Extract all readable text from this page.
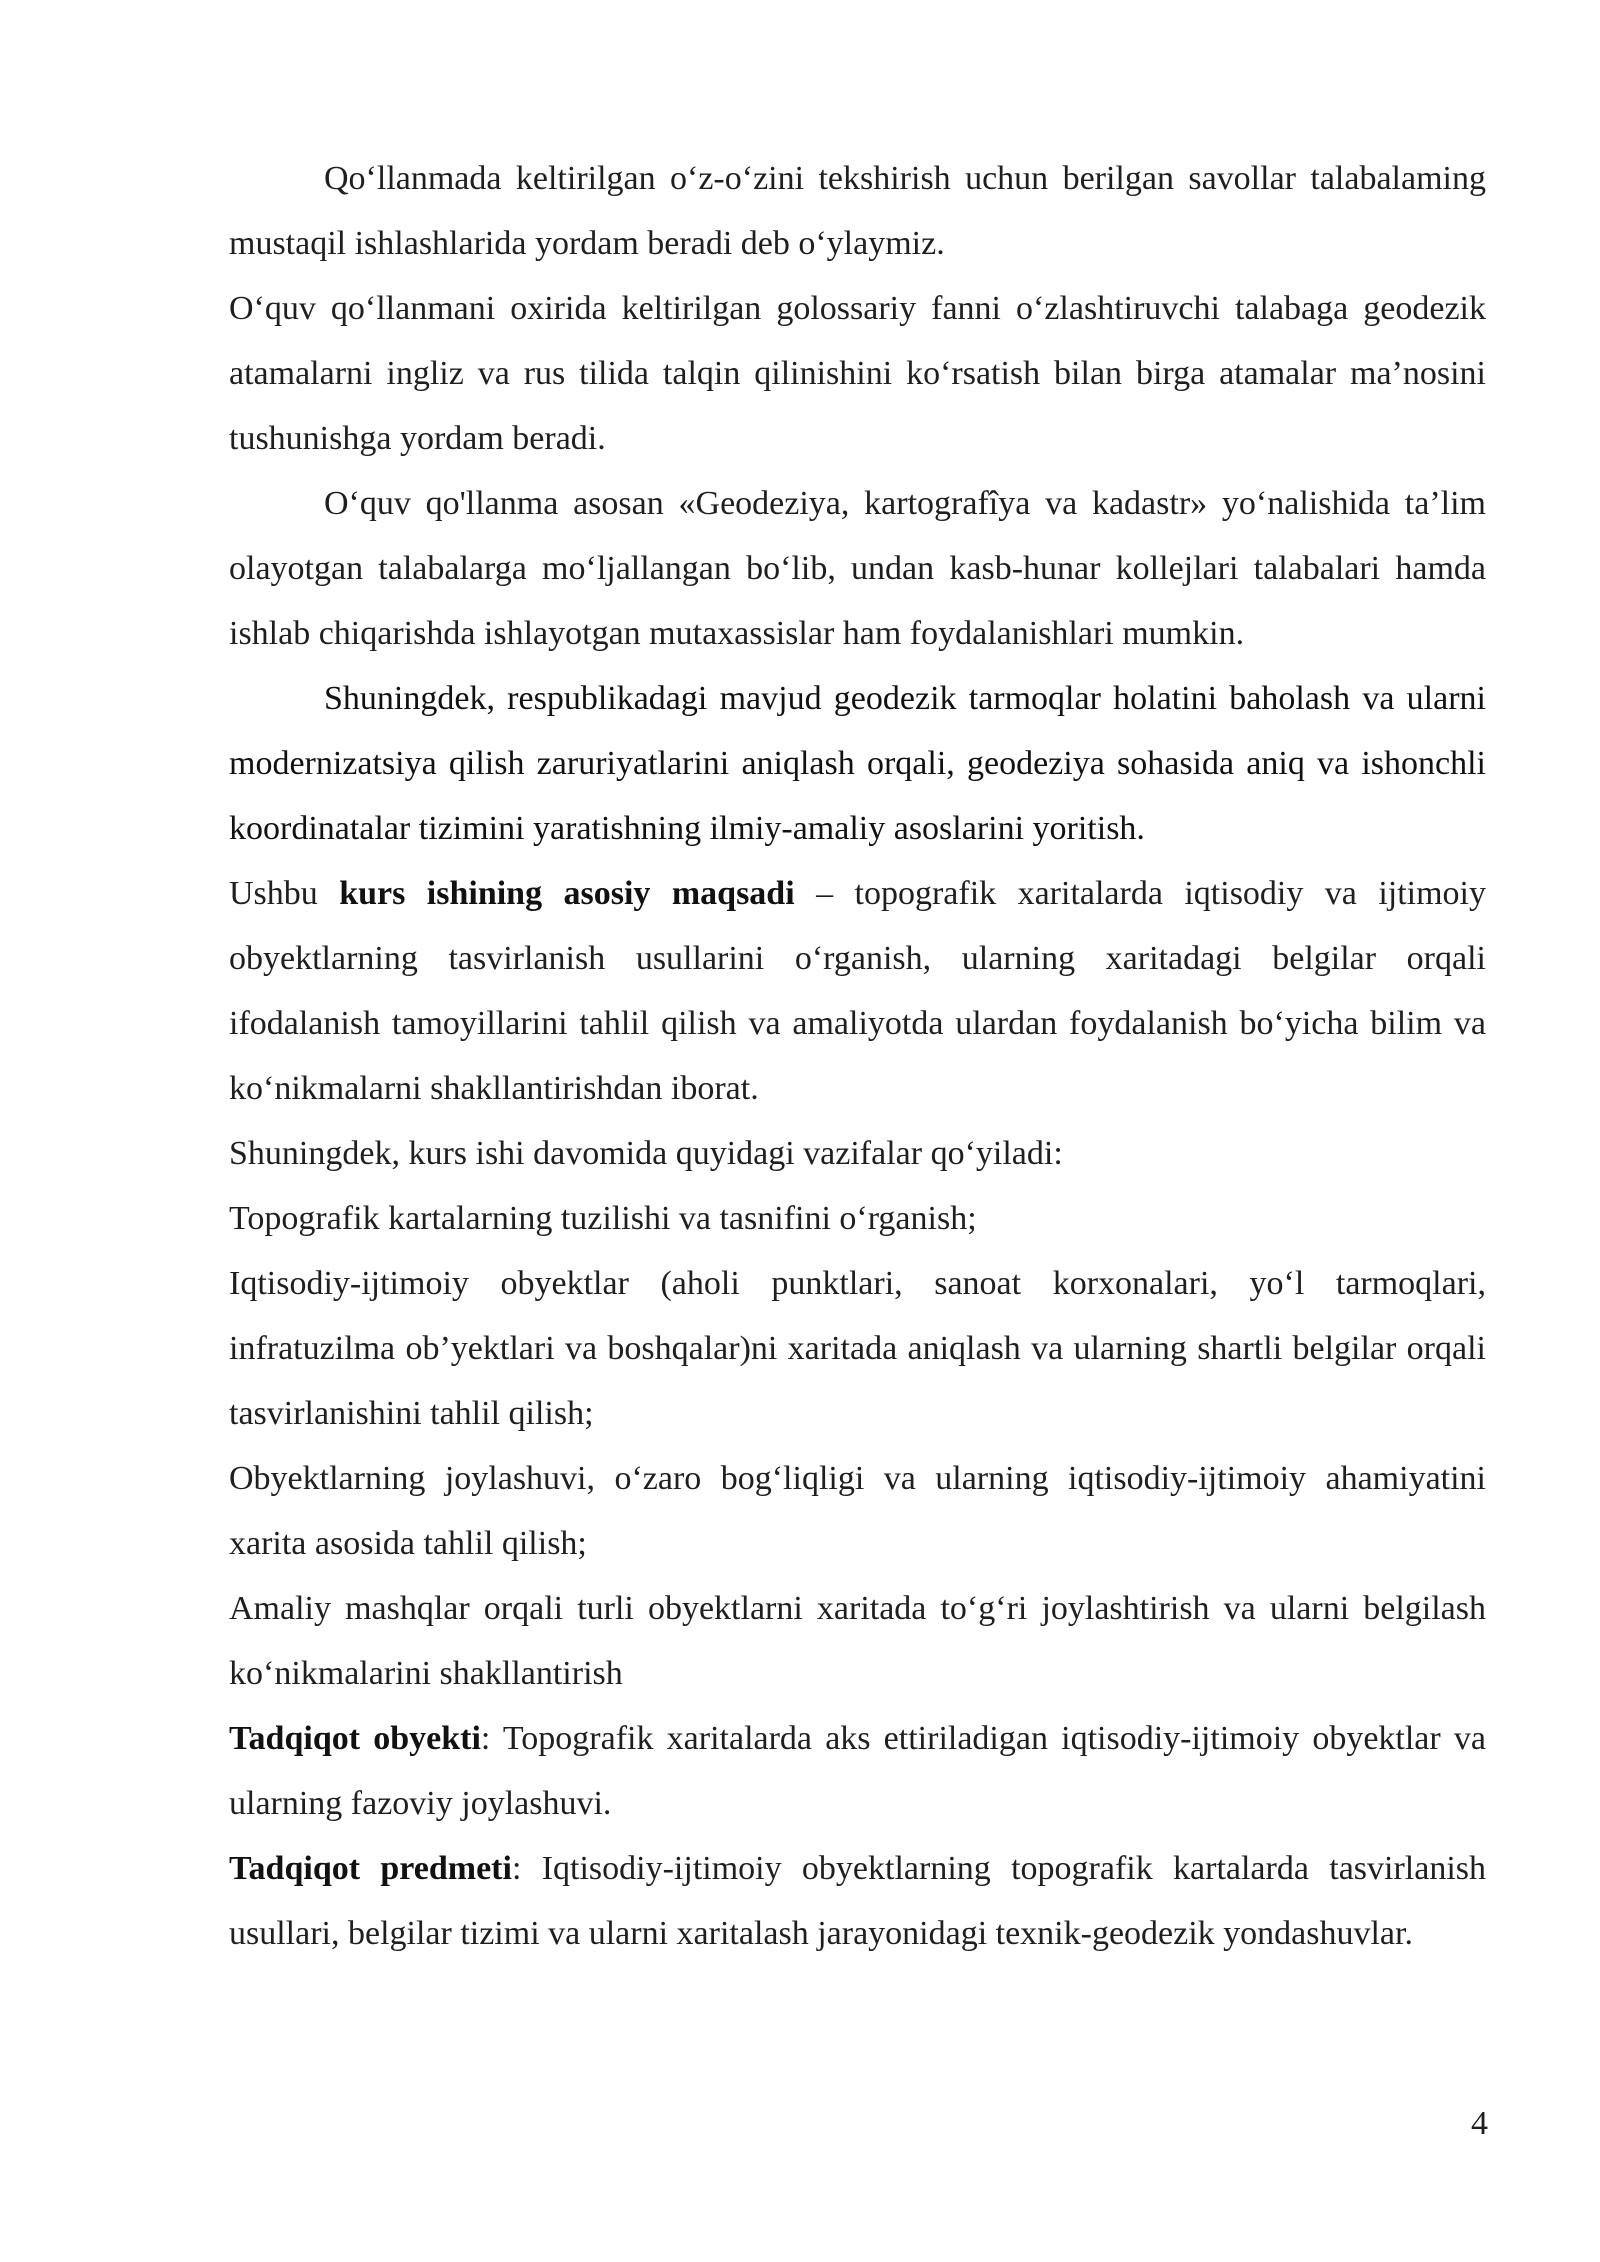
Qo‘llanmada keltirilgan o‘z-o‘zini tekshirish uchun berilgan savollar talabalaming mustaqil ishlashlarida yordam beradi deb o‘ylaymiz.

O‘quv qo‘llanmani oxirida keltirilgan golossariy fanni o‘zlashtiruvchi talabaga geodezik atamalarni ingliz va rus tilida talqin qilinishini ko‘rsatish bilan birga atamalar ma’nosini tushunishga yordam beradi.

O‘quv qo'llanma asosan «Geodeziya, kartografîya va kadastr» yo‘nalishida ta’lim olayotgan talabalarga mo‘ljallangan bo‘lib, undan kasb-hunar kollejlari talabalari hamda ishlab chiqarishda ishlayotgan mutaxassislar ham foydalanishlari mumkin.

Shuningdek, respublikadagi mavjud geodezik tarmoqlar holatini baholash va ularni modernizatsiya qilish zaruriyatlarini aniqlash orqali, geodeziya sohasida aniq va ishonchli koordinatalar tizimini yaratishning ilmiy-amaliy asoslarini yoritish.

Ushbu kurs ishining asosiy maqsadi – topografik xaritalarda iqtisodiy va ijtimoiy obyektlarning tasvirlanish usullarini o‘rganish, ularning xaritadagi belgilar orqali ifodalanish tamoyillarini tahlil qilish va amaliyotda ulardan foydalanish bo‘yicha bilim va ko‘nikmalarni shakllantirishdan iborat.

Shuningdek, kurs ishi davomida quyidagi vazifalar qo‘yiladi:

Topografik kartalarning tuzilishi va tasnifini o‘rganish;

Iqtisodiy-ijtimoiy obyektlar (aholi punktlari, sanoat korxonalari, yo‘l tarmoqlari, infratuzilma ob’yektlari va boshqalar)ni xaritada aniqlash va ularning shartli belgilar orqali tasvirlanishini tahlil qilish;

Obyektlarning joylashuvi, o‘zaro bog‘liqligi va ularning iqtisodiy-ijtimoiy ahamiyatini xarita asosida tahlil qilish;

Amaliy mashqlar orqali turli obyektlarni xaritada to‘g‘ri joylashtirish va ularni belgilash ko‘nikmalarini shakllantirish

Tadqiqot obyekti: Topografik xaritalarda aks ettiriladigan iqtisodiy-ijtimoiy obyektlar va ularning fazoviy joylashuvi.

Tadqiqot predmeti: Iqtisodiy-ijtimoiy obyektlarning topografik kartalarda tasvirlanish usullari, belgilar tizimi va ularni xaritalash jarayonidagi texnik-geodezik yondashuvlar.

4
